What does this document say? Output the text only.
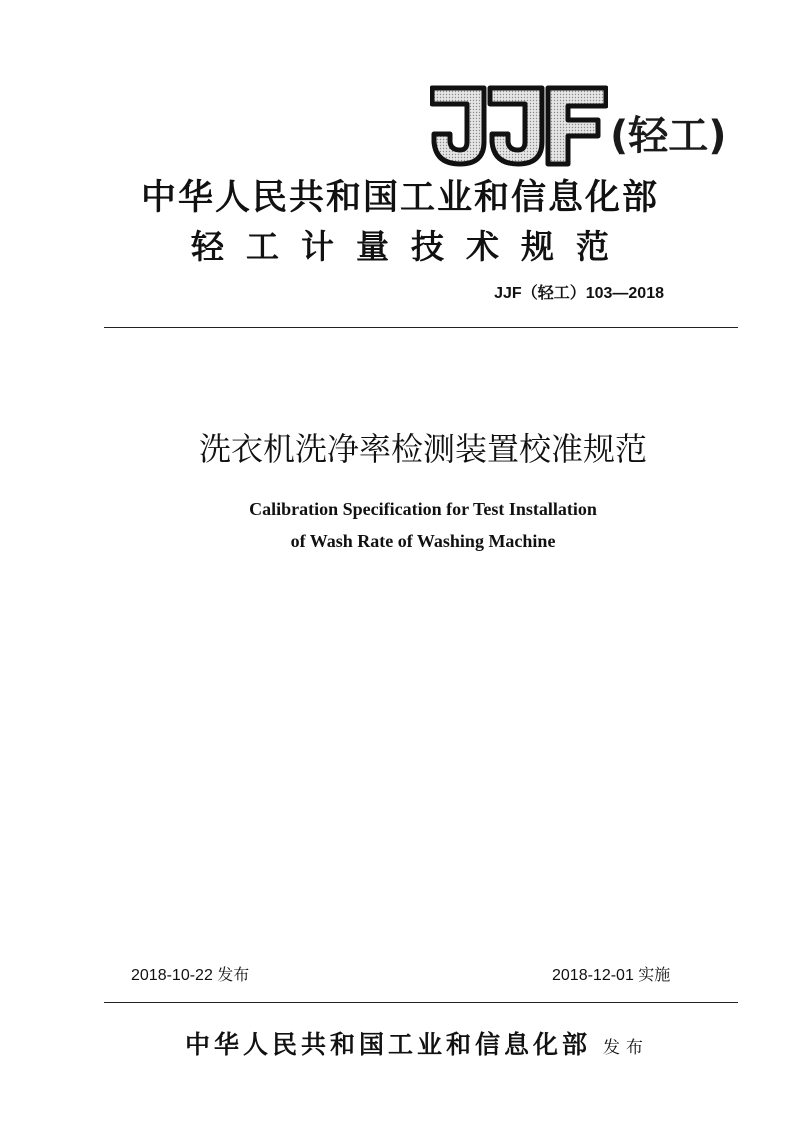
(轻工)
中华人民共和国工业和信息化部
轻工计量技术规范
JJF（轻工）103—2018
洗衣机洗净率检测装置校准规范
Calibration Specification for Test Installation
of Wash Rate of Washing Machine
2018-10-22 发布	2018-12-01 实施
中华人民共和国工业和信息化部 发布
